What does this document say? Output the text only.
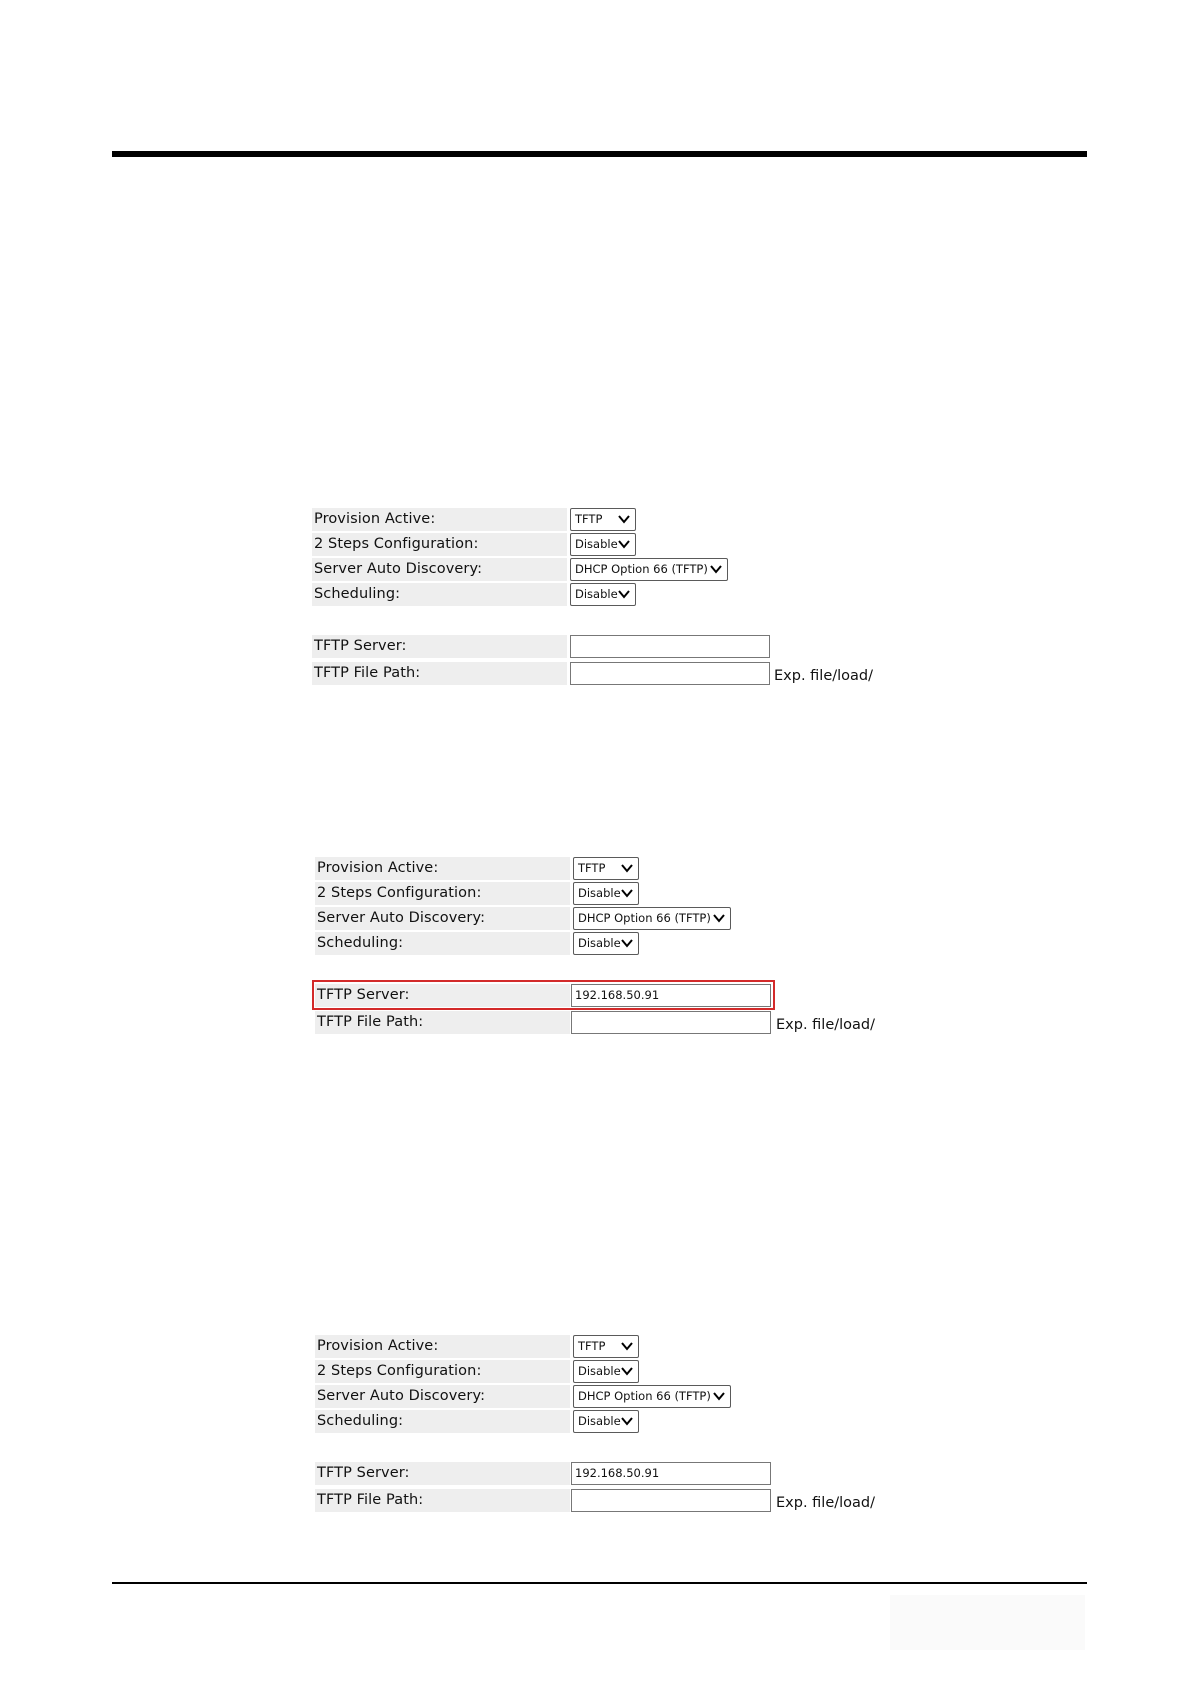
Provision Active:	TFTP
2 Steps Configuration:	Disable
Server Auto Discovery:	DHCP Option 66 (TFTP)
Scheduling:	Disable
TFTP Server:
TFTP File Path:	Exp. file/load/
Provision Active:	TFTP
2 Steps Configuration:	Disable
Server Auto Discovery:	DHCP Option 66 (TFTP)
Scheduling:	Disable
TFTP Server:	192.168.50.91
TFTP File Path:	Exp. file/load/
Provision Active:	TFTP
2 Steps Configuration:	Disable
Server Auto Discovery:	DHCP Option 66 (TFTP)
Scheduling:	Disable
TFTP Server:	192.168.50.91
TFTP File Path:	Exp. file/load/
